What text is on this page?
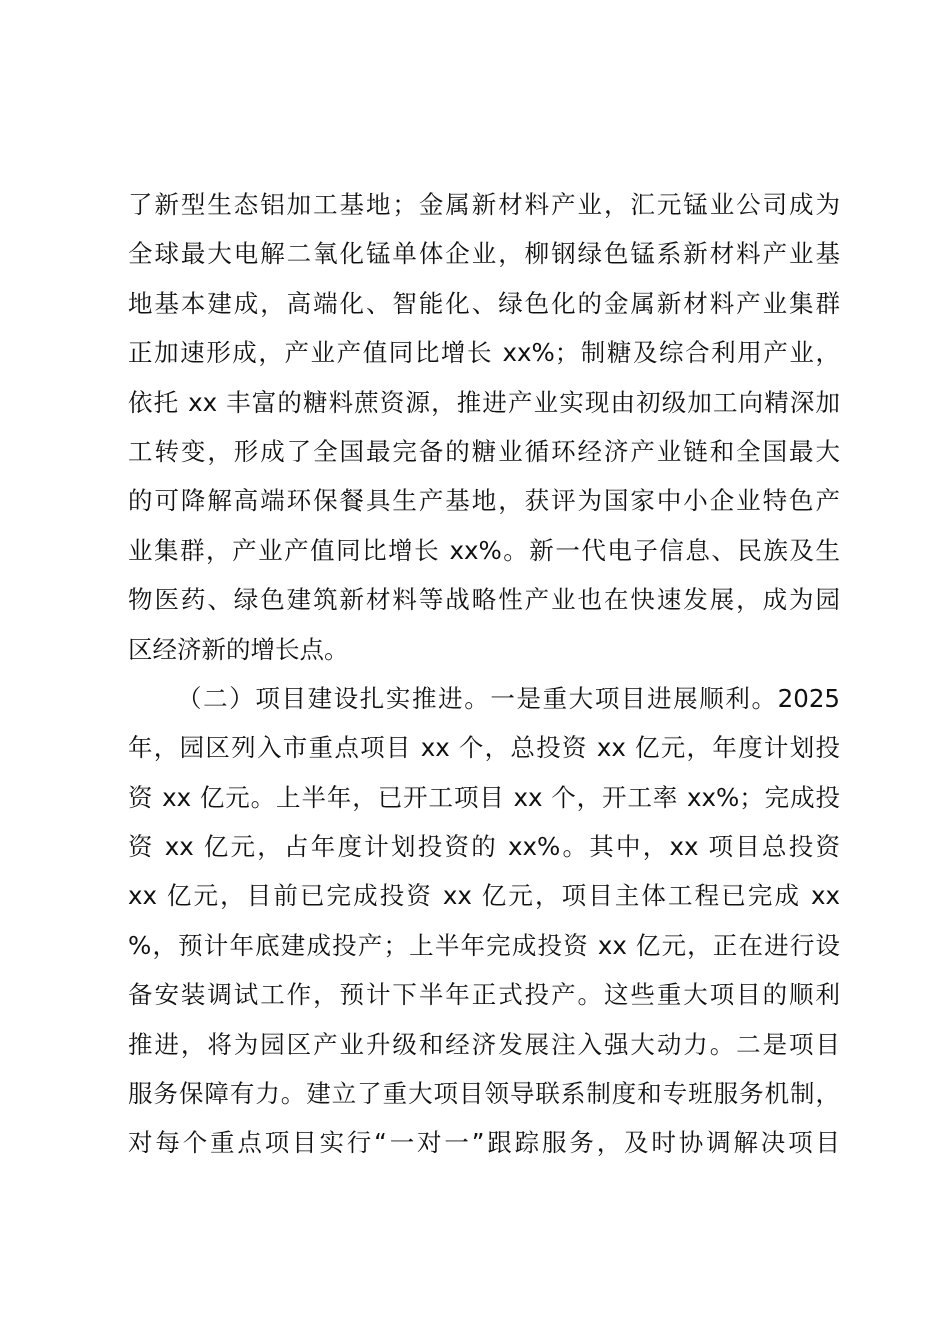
了新型生态铝加工基地；金属新材料产业，汇元锰业公司成为
全球最大电解二氧化锰单体企业，柳钢绿色锰系新材料产业基
地基本建成，高端化、智能化、绿色化的金属新材料产业集群
正加速形成，产业产值同比增长 xx%；制糖及综合利用产业，
依托 xx 丰富的糖料蔗资源，推进产业实现由初级加工向精深加
工转变，形成了全国最完备的糖业循环经济产业链和全国最大
的可降解高端环保餐具生产基地，获评为国家中小企业特色产
业集群，产业产值同比增长 xx%。新一代电子信息、民族及生
物医药、绿色建筑新材料等战略性产业也在快速发展，成为园
区经济新的增长点。
（二）项目建设扎实推进。一是重大项目进展顺利。2025
年，园区列入市重点项目 xx 个，总投资 xx 亿元，年度计划投
资 xx 亿元。上半年，已开工项目 xx 个，开工率 xx%；完成投
资 xx 亿元，占年度计划投资的 xx%。其中，xx 项目总投资
xx 亿元，目前已完成投资 xx 亿元，项目主体工程已完成 xx
%，预计年底建成投产；上半年完成投资 xx 亿元，正在进行设
备安装调试工作，预计下半年正式投产。这些重大项目的顺利
推进，将为园区产业升级和经济发展注入强大动力。二是项目
服务保障有力。建立了重大项目领导联系制度和专班服务机制，
对每个重点项目实行“一对一”跟踪服务，及时协调解决项目
